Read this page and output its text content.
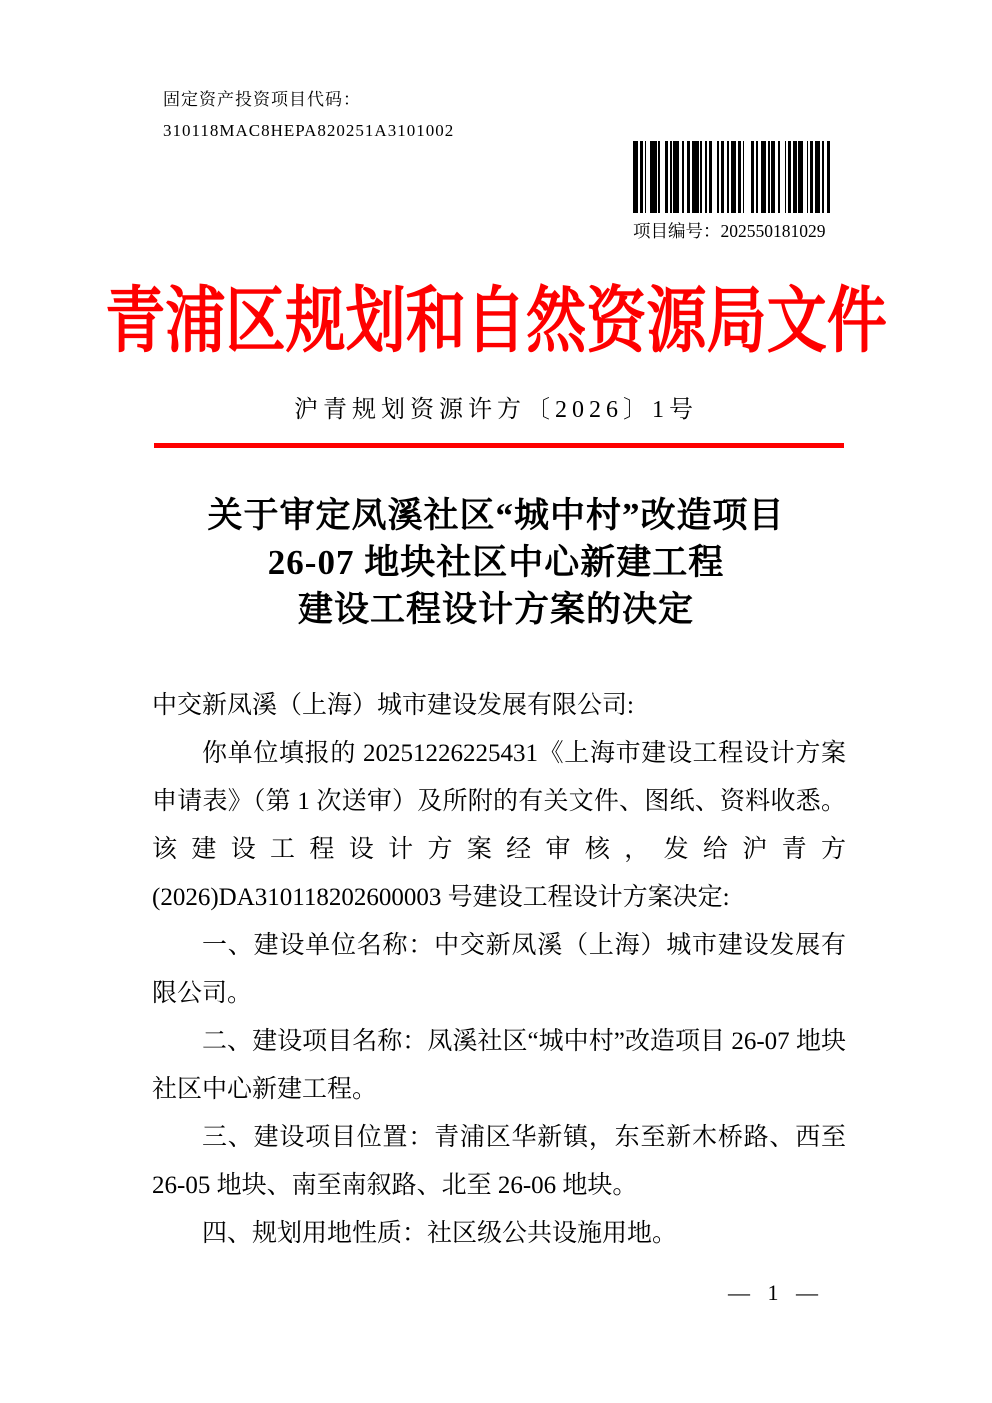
固定资产投资项目代码：
310118MAC8HEPA820251A3101002
项目编号：202550181029
青浦区规划和自然资源局文件
沪青规划资源许方〔2026〕1号
关于审定凤溪社区“城中村”改造项目
26-07 地块社区中心新建工程
建设工程设计方案的决定

中交新凤溪（上海）城市建设发展有限公司:

你单位填报的 20251226225431《上海市建设工程设计方案申请表》（第 1 次送审）及所附的有关文件、图纸、资料收悉。该建设工程设计方案经审核，发给沪青方(2026)DA310118202600003 号建设工程设计方案决定:

一、建设单位名称：中交新凤溪（上海）城市建设发展有限公司。

二、建设项目名称：凤溪社区“城中村”改造项目 26-07 地块社区中心新建工程。

三、建设项目位置：青浦区华新镇，东至新木桥路、西至 26-05 地块、南至南叙路、北至 26-06 地块。

四、规划用地性质：社区级公共设施用地。

— 1 —
